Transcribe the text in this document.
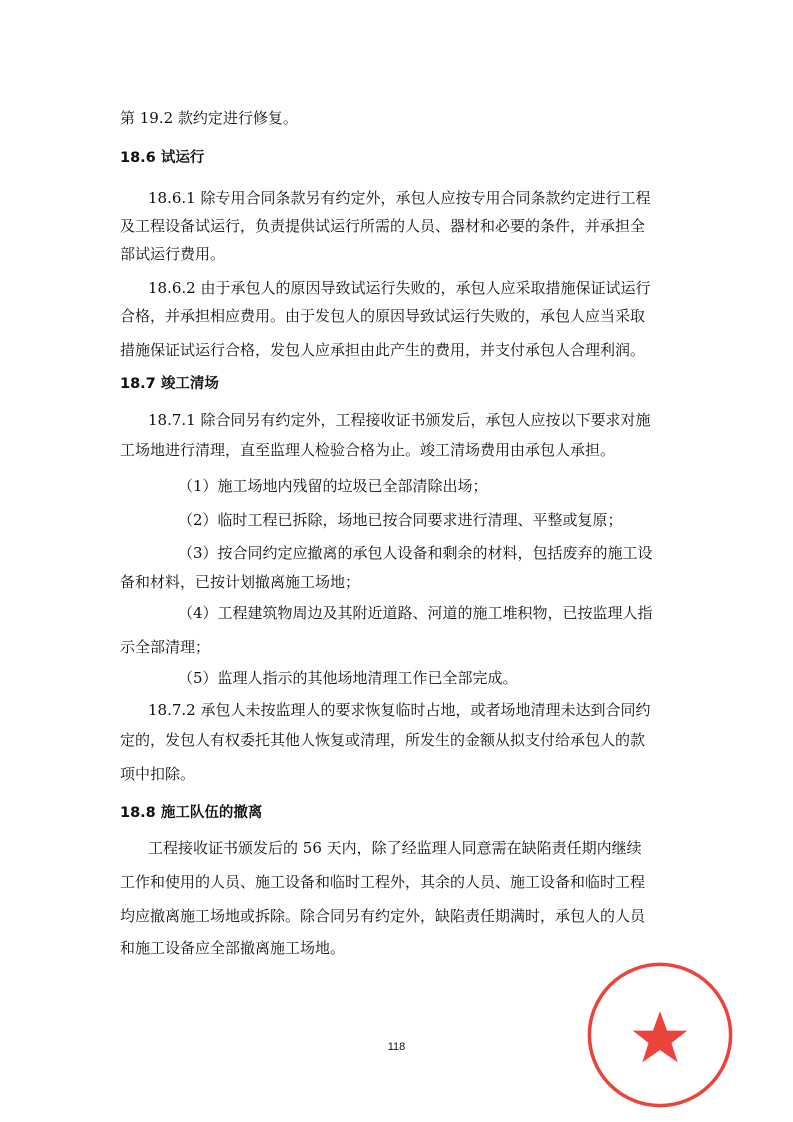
第 19.2 款约定进行修复。
18.6 试运行
18.6.1 除专用合同条款另有约定外，承包人应按专用合同条款约定进行工程
及工程设备试运行，负责提供试运行所需的人员、器材和必要的条件，并承担全
部试运行费用。
18.6.2 由于承包人的原因导致试运行失败的，承包人应采取措施保证试运行
合格，并承担相应费用。由于发包人的原因导致试运行失败的，承包人应当采取
措施保证试运行合格，发包人应承担由此产生的费用，并支付承包人合理利润。
18.7 竣工清场
18.7.1 除合同另有约定外，工程接收证书颁发后，承包人应按以下要求对施
工场地进行清理，直至监理人检验合格为止。竣工清场费用由承包人承担。
（1）施工场地内残留的垃圾已全部清除出场；
（2）临时工程已拆除，场地已按合同要求进行清理、平整或复原；
（3）按合同约定应撤离的承包人设备和剩余的材料，包括废弃的施工设
备和材料，已按计划撤离施工场地；
（4）工程建筑物周边及其附近道路、河道的施工堆积物，已按监理人指
示全部清理；
（5）监理人指示的其他场地清理工作已全部完成。
18.7.2 承包人未按监理人的要求恢复临时占地，或者场地清理未达到合同约
定的，发包人有权委托其他人恢复或清理，所发生的金额从拟支付给承包人的款
项中扣除。
18.8 施工队伍的撤离
工程接收证书颁发后的 56 天内，除了经监理人同意需在缺陷责任期内继续
工作和使用的人员、施工设备和临时工程外，其余的人员、施工设备和临时工程
均应撤离施工场地或拆除。除合同另有约定外，缺陷责任期满时，承包人的人员
和施工设备应全部撤离施工场地。
118
